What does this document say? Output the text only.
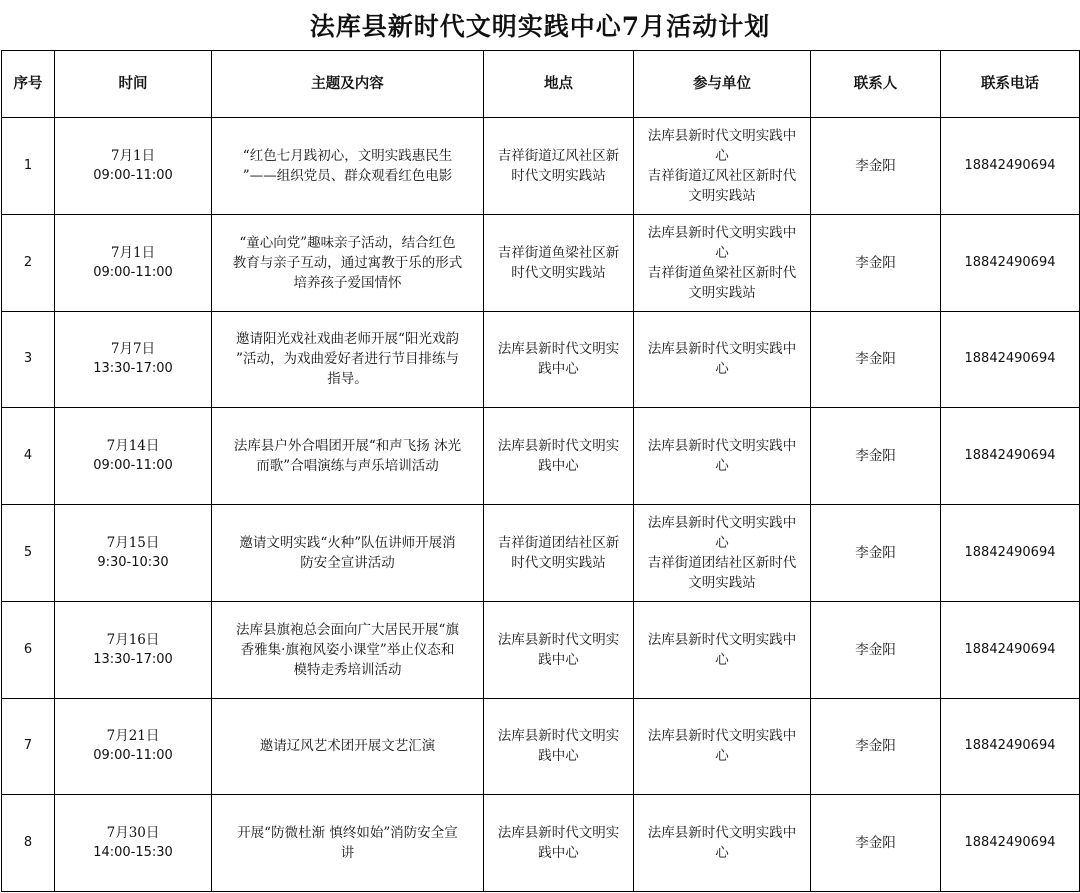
法库县新时代文明实践中心7月活动计划
序号	时间	主题及内容	地点	参与单位	联系人	联系电话

1	7月1日
09:00-11:00	“红色七月践初心，文明实践惠民生
”——组织党员、群众观看红色电影	吉祥街道辽风社区新
时代文明实践站	法库县新时代文明实践中
心
吉祥街道辽风社区新时代
文明实践站	李金阳	18842490694

2	7月1日
09:00-11:00	“童心向党”趣味亲子活动，结合红色
教育与亲子互动，通过寓教于乐的形式
培养孩子爱国情怀	吉祥街道鱼梁社区新
时代文明实践站	法库县新时代文明实践中
心
吉祥街道鱼梁社区新时代
文明实践站	李金阳	18842490694

3	7月7日
13:30-17:00	邀请阳光戏社戏曲老师开展“阳光戏韵
”活动，为戏曲爱好者进行节目排练与
指导。	法库县新时代文明实
践中心	法库县新时代文明实践中
心	李金阳	18842490694

4	7月14日
09:00-11:00	法库县户外合唱团开展“和声飞扬 沐光
而歌”合唱演练与声乐培训活动	法库县新时代文明实
践中心	法库县新时代文明实践中
心	李金阳	18842490694

5	7月15日
9:30-10:30	邀请文明实践“火种”队伍讲师开展消
防安全宣讲活动	吉祥街道团结社区新
时代文明实践站	法库县新时代文明实践中
心
吉祥街道团结社区新时代
文明实践站	李金阳	18842490694

6	7月16日
13:30-17:00	法库县旗袍总会面向广大居民开展“旗
香雅集·旗袍风姿小课堂”举止仪态和
模特走秀培训活动	法库县新时代文明实
践中心	法库县新时代文明实践中
心	李金阳	18842490694

7	7月21日
09:00-11:00	邀请辽风艺术团开展文艺汇演	法库县新时代文明实
践中心	法库县新时代文明实践中
心	李金阳	18842490694

8	7月30日
14:00-15:30	开展“防微杜渐 慎终如始”消防安全宣
讲	法库县新时代文明实
践中心	法库县新时代文明实践中
心	李金阳	18842490694
